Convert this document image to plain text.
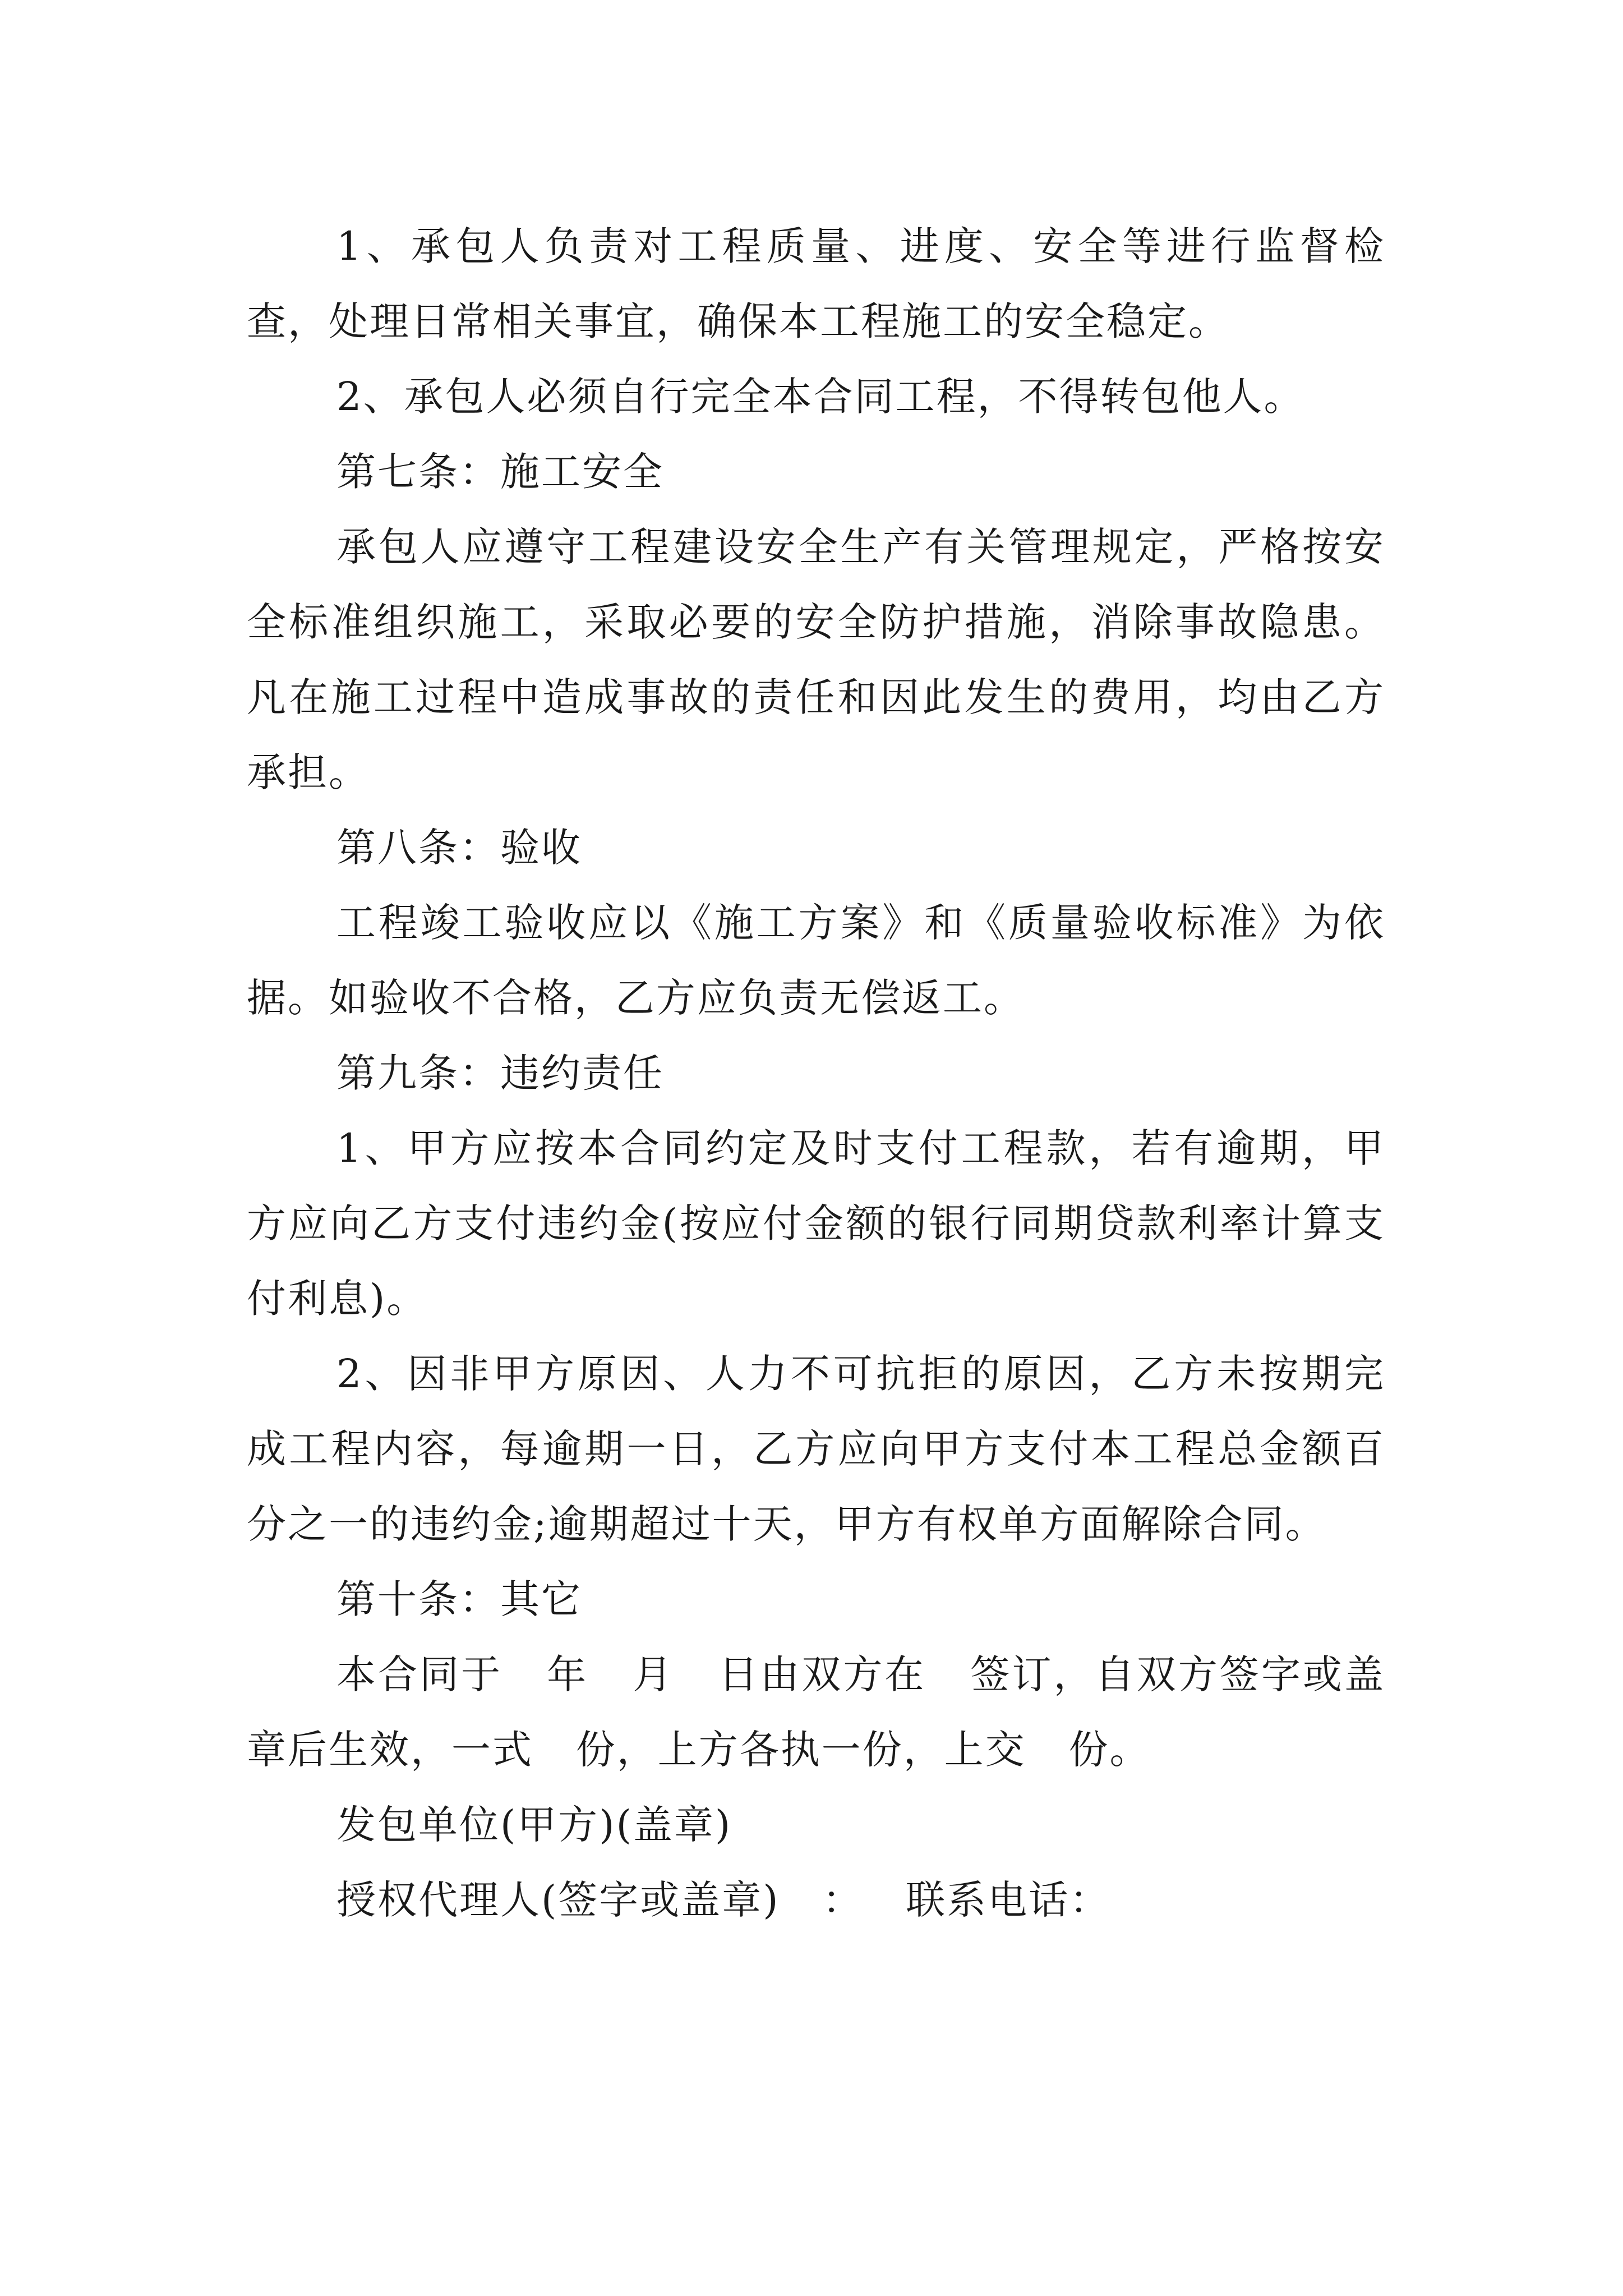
1、承包人负责对工程质量、进度、安全等进行监督检查，处理日常相关事宜，确保本工程施工的安全稳定。

2、承包人必须自行完全本合同工程，不得转包他人。

第七条：施工安全

承包人应遵守工程建设安全生产有关管理规定，严格按安全标准组织施工，采取必要的安全防护措施，消除事故隐患。凡在施工过程中造成事故的责任和因此发生的费用，均由乙方承担。

第八条：验收

工程竣工验收应以《施工方案》和《质量验收标准》为依据。如验收不合格，乙方应负责无偿返工。

第九条：违约责任

1、甲方应按本合同约定及时支付工程款，若有逾期，甲方应向乙方支付违约金(按应付金额的银行同期贷款利率计算支付利息)。

2、因非甲方原因、人力不可抗拒的原因，乙方未按期完成工程内容，每逾期一日，乙方应向甲方支付本工程总金额百分之一的违约金;逾期超过十天，甲方有权单方面解除合同。

第十条：其它

本合同于   年   月   日由双方在   签订，自双方签字或盖章后生效，一式   份，上方各执一份，上交   份。

发包单位(甲方)(盖章)

授权代理人(签字或盖章)   ：   联系电话：
